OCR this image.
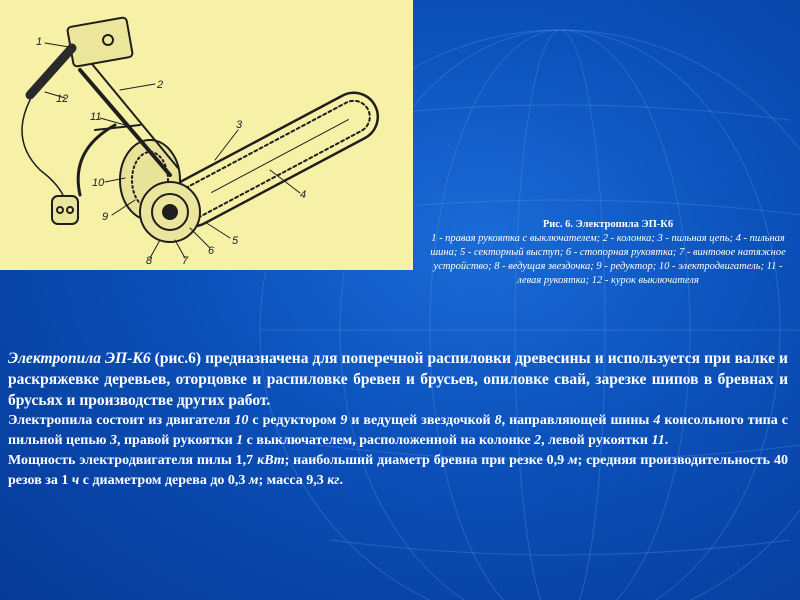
1
2
3
4
5
6
7
8
9
10
11
12
Рис. 6. Электропила ЭП-К6
1 - правая рукоятка с выключателем; 2 - колонка; 3 - пильная цепь; 4 - пильная шина; 5 - секторный выступ; 6 - стопорная рукоятка; 7 - винтовое натяжное устройство; 8 - ведущая звездочка; 9 - редуктор; 10 - электродвигатель; 11 - левая рукоятка; 12 - курок выключателя

Электропила ЭП-К6 (рис.6) предназначена для поперечной распиловки древесины и используется при валке и раскряжевке деревьев, оторцовке и распиловке бревен и брусьев, опиловке свай, зарезке шипов в бревнах и брусьях и производстве других работ.

Электропила состоит из двигателя 10 с редуктором 9 и ведущей звездочкой 8, направляющей шины 4 консольного типа с пильной цепью 3, правой рукоятки 1 с выключателем, расположенной на колонке 2, левой рукоятки 11.

Мощность электродвигателя пилы 1,7 кВт; наибольший диаметр бревна при резке 0,9 м; средняя производительность 40 резов за 1 ч с диаметром дерева до 0,3 м; масса 9,3 кг.
